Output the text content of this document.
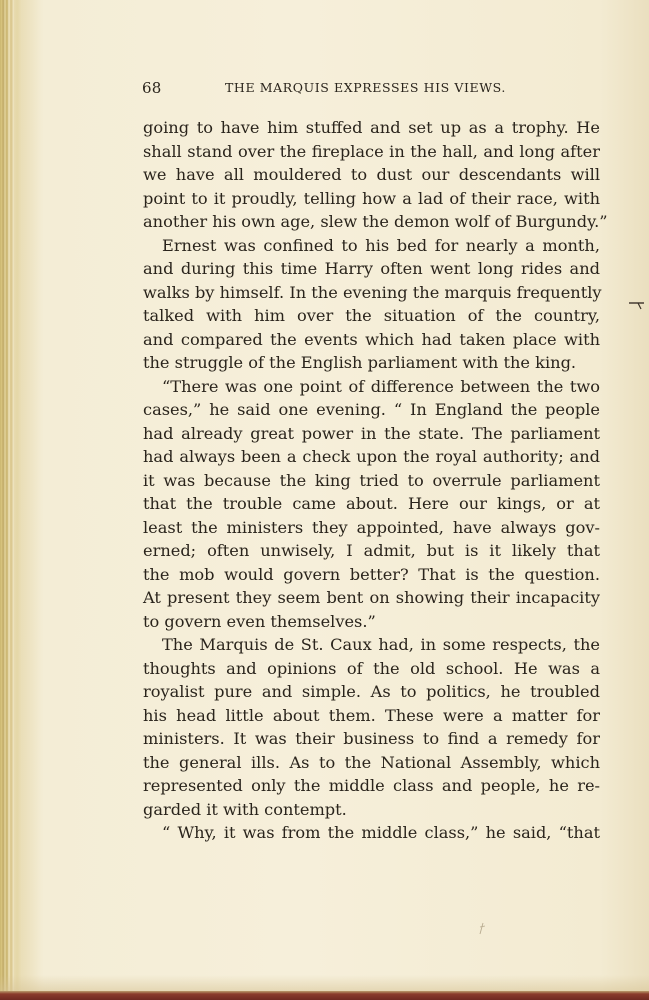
68	THE MARQUIS EXPRESSES HIS VIEWS.
going to have him stuffed and set up as a trophy. He
shall stand over the fireplace in the hall, and long after
we have all mouldered to dust our descendants will
point to it proudly, telling how a lad of their race, with
another his own age, slew the demon wolf of Burgundy.”
Ernest was confined to his bed for nearly a month,
and during this time Harry often went long rides and
walks by himself. In the evening the marquis frequently
talked with him over the situation of the country,
and compared the events which had taken place with
the struggle of the English parliament with the king.
“There was one point of difference between the two
cases,” he said one evening. “ In England the people
had already great power in the state. The parliament
had always been a check upon the royal authority; and
it was because the king tried to overrule parliament
that the trouble came about. Here our kings, or at
least the ministers they appointed, have always gov-
erned; often unwisely, I admit, but is it likely that
the mob would govern better? That is the question.
At present they seem bent on showing their incapacity
to govern even themselves.”
The Marquis de St. Caux had, in some respects, the
thoughts and opinions of the old school. He was a
royalist pure and simple. As to politics, he troubled
his head little about them. These were a matter for
ministers. It was their business to find a remedy for
the general ills. As to the National Assembly, which
represented only the middle class and people, he re-
garded it with contempt.
“ Why, it was from the middle class,” he said, “that
